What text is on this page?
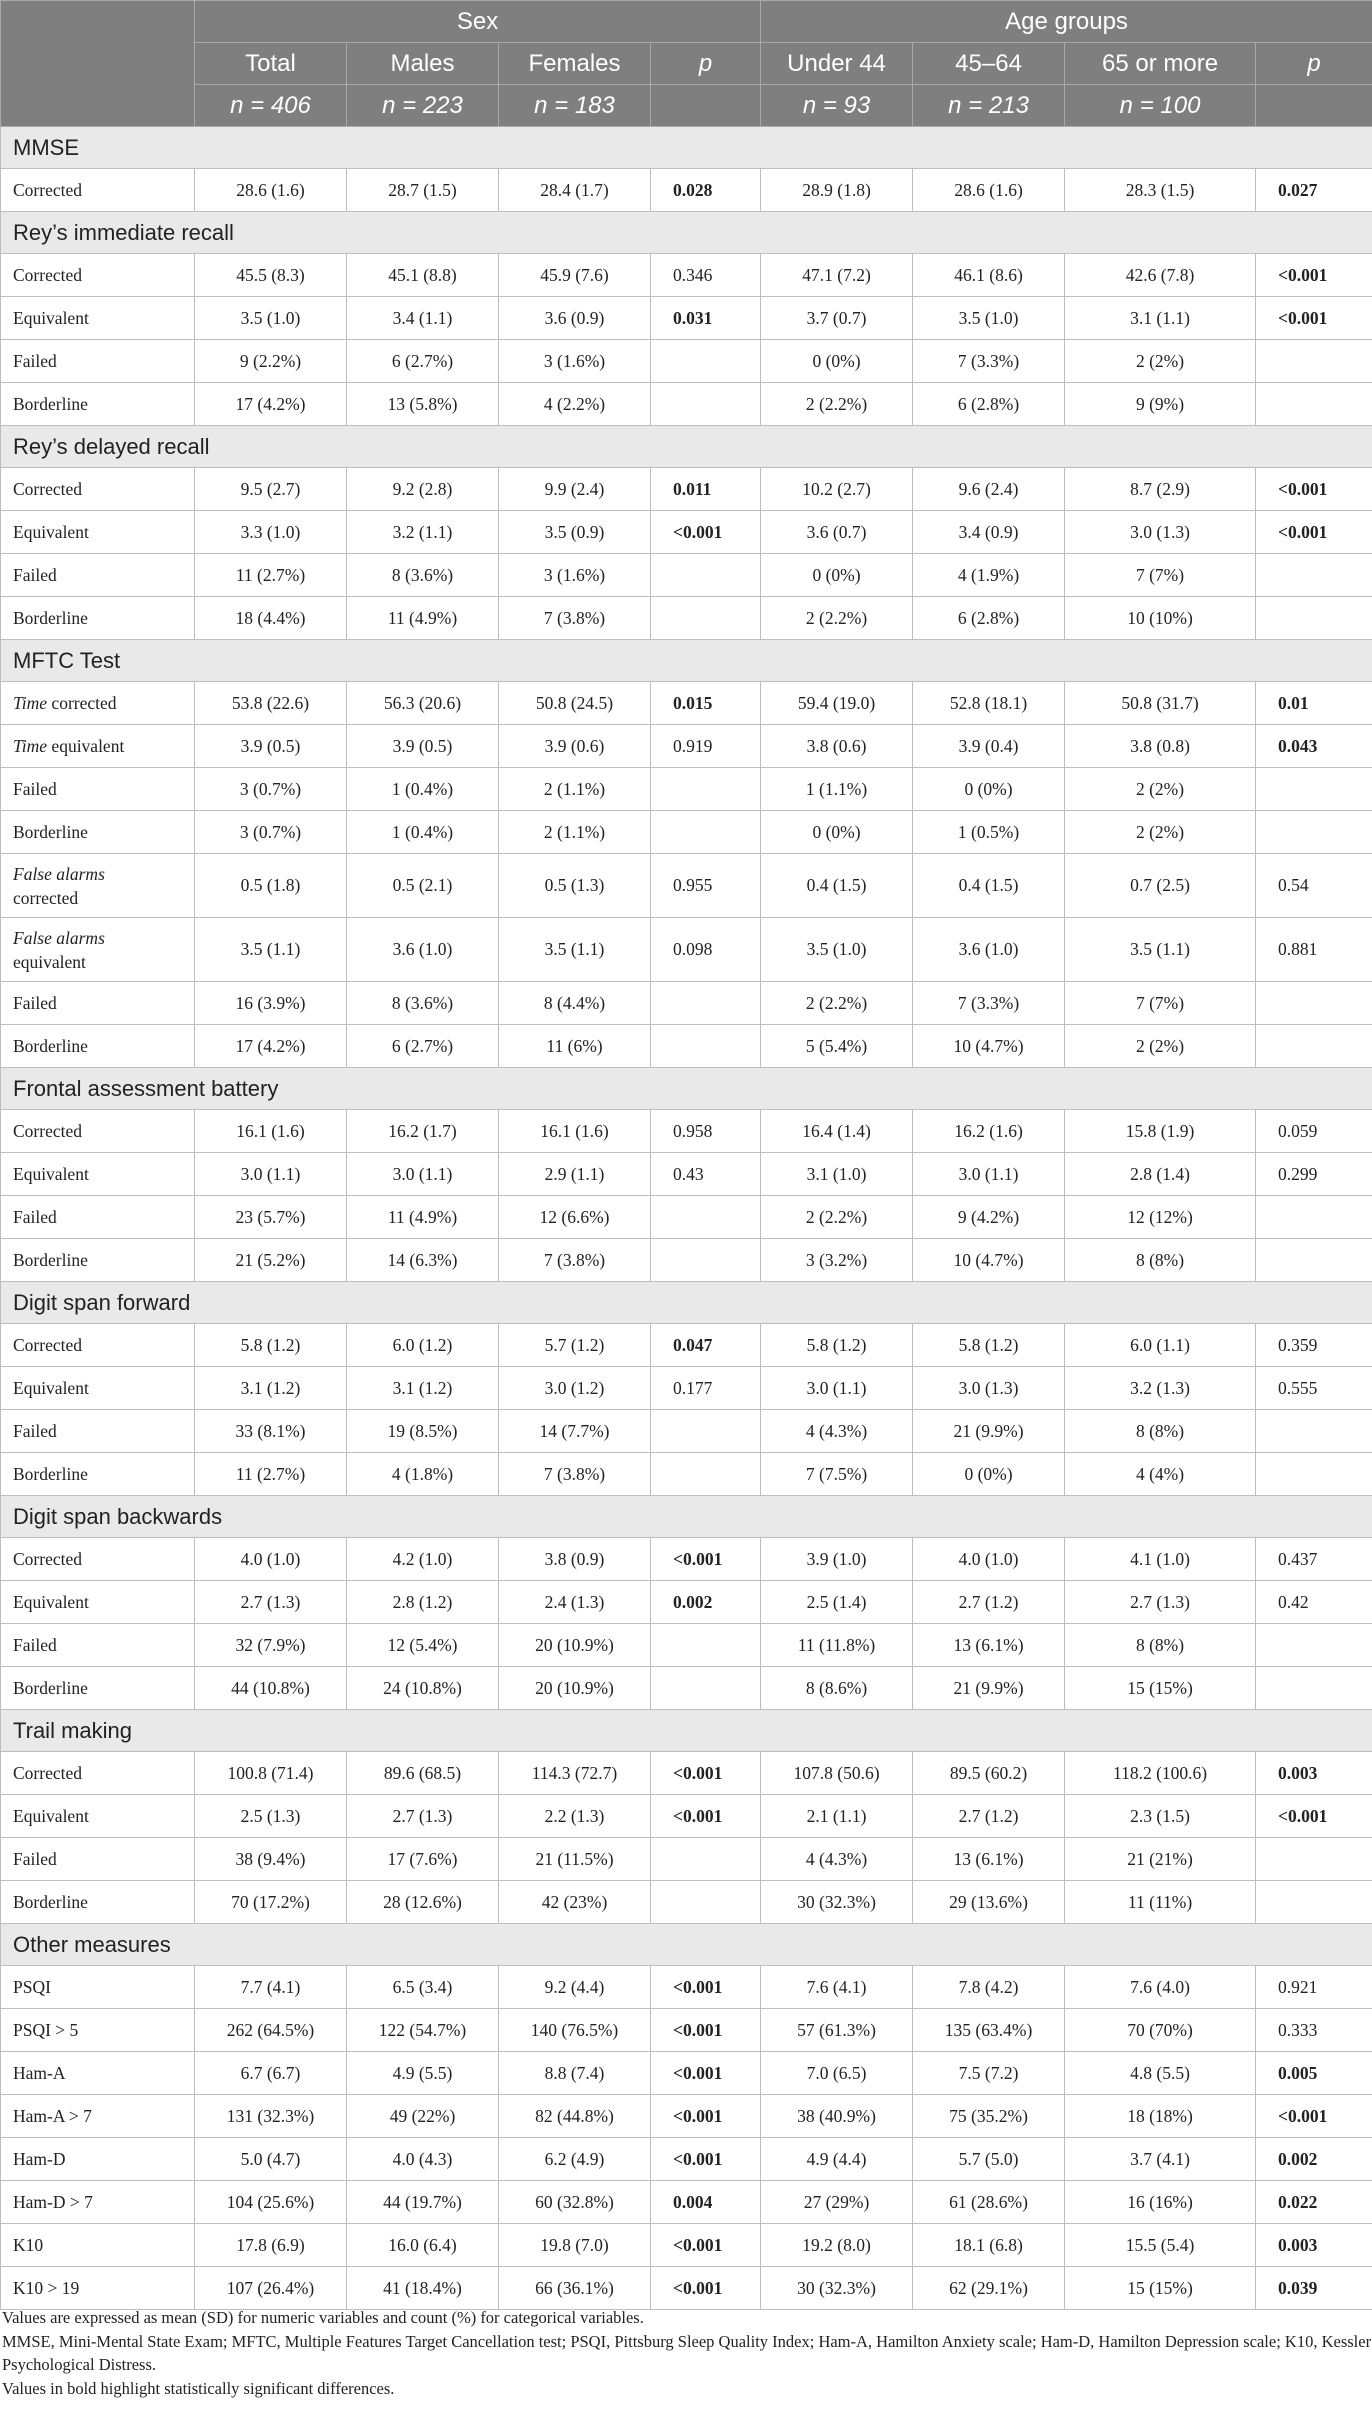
	Sex				Age groups			
	Total	Males	Females	p	Under 44	45–64	65 or more	p
	n = 406	n = 223	n = 183		n = 93	n = 213	n = 100	
MMSE								
Corrected	28.6 (1.6)	28.7 (1.5)	28.4 (1.7)	0.028	28.9 (1.8)	28.6 (1.6)	28.3 (1.5)	0.027
Rey’s immediate recall								
Corrected	45.5 (8.3)	45.1 (8.8)	45.9 (7.6)	0.346	47.1 (7.2)	46.1 (8.6)	42.6 (7.8)	<0.001
Equivalent	3.5 (1.0)	3.4 (1.1)	3.6 (0.9)	0.031	3.7 (0.7)	3.5 (1.0)	3.1 (1.1)	<0.001
Failed	9 (2.2%)	6 (2.7%)	3 (1.6%)		0 (0%)	7 (3.3%)	2 (2%)	
Borderline	17 (4.2%)	13 (5.8%)	4 (2.2%)		2 (2.2%)	6 (2.8%)	9 (9%)	
Rey’s delayed recall								
Corrected	9.5 (2.7)	9.2 (2.8)	9.9 (2.4)	0.011	10.2 (2.7)	9.6 (2.4)	8.7 (2.9)	<0.001
Equivalent	3.3 (1.0)	3.2 (1.1)	3.5 (0.9)	<0.001	3.6 (0.7)	3.4 (0.9)	3.0 (1.3)	<0.001
Failed	11 (2.7%)	8 (3.6%)	3 (1.6%)		0 (0%)	4 (1.9%)	7 (7%)	
Borderline	18 (4.4%)	11 (4.9%)	7 (3.8%)		2 (2.2%)	6 (2.8%)	10 (10%)	
MFTC Test								
Time corrected	53.8 (22.6)	56.3 (20.6)	50.8 (24.5)	0.015	59.4 (19.0)	52.8 (18.1)	50.8 (31.7)	0.01
Time equivalent	3.9 (0.5)	3.9 (0.5)	3.9 (0.6)	0.919	3.8 (0.6)	3.9 (0.4)	3.8 (0.8)	0.043
Failed	3 (0.7%)	1 (0.4%)	2 (1.1%)		1 (1.1%)	0 (0%)	2 (2%)	
Borderline	3 (0.7%)	1 (0.4%)	2 (1.1%)		0 (0%)	1 (0.5%)	2 (2%)	
False alarms
corrected	0.5 (1.8)	0.5 (2.1)	0.5 (1.3)	0.955	0.4 (1.5)	0.4 (1.5)	0.7 (2.5)	0.54
False alarms
equivalent	3.5 (1.1)	3.6 (1.0)	3.5 (1.1)	0.098	3.5 (1.0)	3.6 (1.0)	3.5 (1.1)	0.881
Failed	16 (3.9%)	8 (3.6%)	8 (4.4%)		2 (2.2%)	7 (3.3%)	7 (7%)	
Borderline	17 (4.2%)	6 (2.7%)	11 (6%)		5 (5.4%)	10 (4.7%)	2 (2%)	
Frontal assessment battery								
Corrected	16.1 (1.6)	16.2 (1.7)	16.1 (1.6)	0.958	16.4 (1.4)	16.2 (1.6)	15.8 (1.9)	0.059
Equivalent	3.0 (1.1)	3.0 (1.1)	2.9 (1.1)	0.43	3.1 (1.0)	3.0 (1.1)	2.8 (1.4)	0.299
Failed	23 (5.7%)	11 (4.9%)	12 (6.6%)		2 (2.2%)	9 (4.2%)	12 (12%)	
Borderline	21 (5.2%)	14 (6.3%)	7 (3.8%)		3 (3.2%)	10 (4.7%)	8 (8%)	
Digit span forward								
Corrected	5.8 (1.2)	6.0 (1.2)	5.7 (1.2)	0.047	5.8 (1.2)	5.8 (1.2)	6.0 (1.1)	0.359
Equivalent	3.1 (1.2)	3.1 (1.2)	3.0 (1.2)	0.177	3.0 (1.1)	3.0 (1.3)	3.2 (1.3)	0.555
Failed	33 (8.1%)	19 (8.5%)	14 (7.7%)		4 (4.3%)	21 (9.9%)	8 (8%)	
Borderline	11 (2.7%)	4 (1.8%)	7 (3.8%)		7 (7.5%)	0 (0%)	4 (4%)	
Digit span backwards								
Corrected	4.0 (1.0)	4.2 (1.0)	3.8 (0.9)	<0.001	3.9 (1.0)	4.0 (1.0)	4.1 (1.0)	0.437
Equivalent	2.7 (1.3)	2.8 (1.2)	2.4 (1.3)	0.002	2.5 (1.4)	2.7 (1.2)	2.7 (1.3)	0.42
Failed	32 (7.9%)	12 (5.4%)	20 (10.9%)		11 (11.8%)	13 (6.1%)	8 (8%)	
Borderline	44 (10.8%)	24 (10.8%)	20 (10.9%)		8 (8.6%)	21 (9.9%)	15 (15%)	
Trail making								
Corrected	100.8 (71.4)	89.6 (68.5)	114.3 (72.7)	<0.001	107.8 (50.6)	89.5 (60.2)	118.2 (100.6)	0.003
Equivalent	2.5 (1.3)	2.7 (1.3)	2.2 (1.3)	<0.001	2.1 (1.1)	2.7 (1.2)	2.3 (1.5)	<0.001
Failed	38 (9.4%)	17 (7.6%)	21 (11.5%)		4 (4.3%)	13 (6.1%)	21 (21%)	
Borderline	70 (17.2%)	28 (12.6%)	42 (23%)		30 (32.3%)	29 (13.6%)	11 (11%)	
Other measures								
PSQI	7.7 (4.1)	6.5 (3.4)	9.2 (4.4)	<0.001	7.6 (4.1)	7.8 (4.2)	7.6 (4.0)	0.921
PSQI > 5	262 (64.5%)	122 (54.7%)	140 (76.5%)	<0.001	57 (61.3%)	135 (63.4%)	70 (70%)	0.333
Ham-A	6.7 (6.7)	4.9 (5.5)	8.8 (7.4)	<0.001	7.0 (6.5)	7.5 (7.2)	4.8 (5.5)	0.005
Ham-A > 7	131 (32.3%)	49 (22%)	82 (44.8%)	<0.001	38 (40.9%)	75 (35.2%)	18 (18%)	<0.001
Ham-D	5.0 (4.7)	4.0 (4.3)	6.2 (4.9)	<0.001	4.9 (4.4)	5.7 (5.0)	3.7 (4.1)	0.002
Ham-D > 7	104 (25.6%)	44 (19.7%)	60 (32.8%)	0.004	27 (29%)	61 (28.6%)	16 (16%)	0.022
K10	17.8 (6.9)	16.0 (6.4)	19.8 (7.0)	<0.001	19.2 (8.0)	18.1 (6.8)	15.5 (5.4)	0.003
K10 > 19	107 (26.4%)	41 (18.4%)	66 (36.1%)	<0.001	30 (32.3%)	62 (29.1%)	15 (15%)	0.039

Values are expressed as mean (SD) for numeric variables and count (%) for categorical variables.

MMSE, Mini-Mental State Exam; MFTC, Multiple Features Target Cancellation test; PSQI, Pittsburg Sleep Quality Index; Ham-A, Hamilton Anxiety scale; Ham-D, Hamilton Depression scale; K10, Kessler Psychological Distress.

Values in bold highlight statistically significant differences.
